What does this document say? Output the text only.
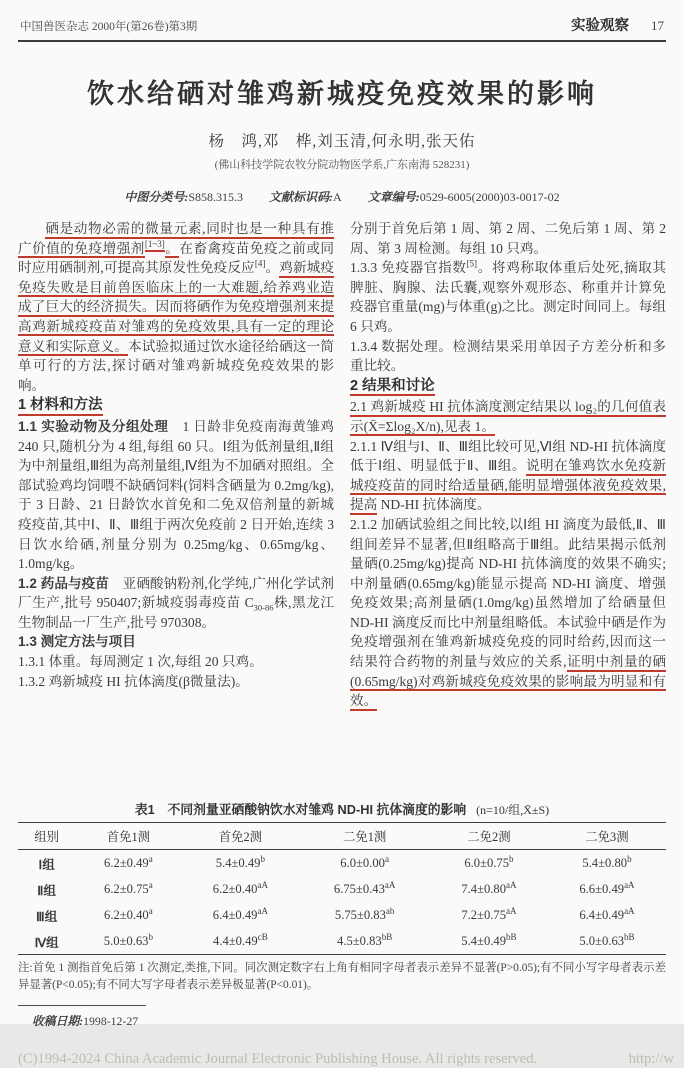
中国兽医杂志 2000年(第26卷)第3期	实验观察 17
饮水给硒对雏鸡新城疫免疫效果的影响
杨　鸿,邓　桦,刘玉清,何永明,张天佑
(佛山科技学院农牧分院动物医学系,广东南海 528231)
中图分类号:S858.315.3 文献标识码:A 文章编号:0529-6005(2000)03-0017-02
硒是动物必需的微量元素,同时也是一种具有推广价值的免疫增强剂[1~3]。在畜禽疫苗免疫之前或同时应用硒制剂,可提高其原发性免疫反应[4]。鸡新城疫免疫失败是目前兽医临床上的一大难题,给养鸡业造成了巨大的经济损失。因而将硒作为免疫增强剂来提高鸡新城疫疫苗对雏鸡的免疫效果,具有一定的理论意义和实际意义。本试验拟通过饮水途径给硒这一简单可行的方法,探讨硒对雏鸡新城疫免疫效果的影响。
1 材料和方法
1.1 实验动物及分组处理　1 日龄非免疫南海黄雏鸡 240 只,随机分为 4 组,每组 60 只。Ⅰ组为低剂量组,Ⅱ组为中剂量组,Ⅲ组为高剂量组,Ⅳ组为不加硒对照组。全部试验鸡均饲喂不缺硒饲料(饲料含硒量为 0.2mg/kg),于 3 日龄、21 日龄饮水首免和二免双倍剂量的新城疫疫苗,其中Ⅰ、Ⅱ、Ⅲ组于两次免疫前 2 日开始,连续 3 日饮水给硒,剂量分别为 0.25mg/kg、0.65mg/kg、1.0mg/kg。
1.2 药品与疫苗　亚硒酸钠粉剂,化学纯,广州化学试剂厂生产,批号 950407;新城疫弱毒疫苗 $C_{30-86}$株,黑龙江生物制品一厂生产,批号 970308。
1.3 测定方法与项目
1.3.1 体重。每周测定 1 次,每组 20 只鸡。
1.3.2 鸡新城疫 HI 抗体滴度(β微量法)。
分别于首免后第 1 周、第 2 周、二免后第 1 周、第 2 周、第 3 周检测。每组 10 只鸡。
1.3.3 免疫器官指数[5]。将鸡称取体重后处死,摘取其脾脏、胸腺、法氏囊,观察外观形态、称重并计算免疫器官重量(mg)与体重(g)之比。测定时间同上。每组 6 只鸡。
1.3.4 数据处理。检测结果采用单因子方差分析和多重比较。
2 结果和讨论
2.1 鸡新城疫 HI 抗体滴度测定结果以 log₂的几何值表示(X̄=Σlog₂X/n),见表 1。
2.1.1 Ⅳ组与Ⅰ、Ⅱ、Ⅲ组比较可见,Ⅵ组 ND-HI 抗体滴度低于Ⅰ组、明显低于Ⅱ、Ⅲ组。说明在雏鸡饮水免疫新城疫疫苗的同时给适量硒,能明显增强体液免疫效果,提高 ND-HI 抗体滴度。
2.1.2 加硒试验组之间比较,以Ⅰ组 HI 滴度为最低,Ⅱ、Ⅲ组间差异不显著,但Ⅱ组略高于Ⅲ组。此结果揭示低剂量硒(0.25mg/kg)提高 ND-HI 抗体滴度的效果不确实;中剂量硒(0.65mg/kg)能显示提高 ND-HI 滴度、增强免疫效果;高剂量硒(1.0mg/kg)虽然增加了给硒量但 ND-HI 滴度反而比中剂量组略低。本试验中硒是作为免疫增强剂在雏鸡新城疫免疫的同时给药,因而这一结果符合药物的剂量与效应的关系,证明中剂量的硒(0.65mg/kg)对鸡新城疫免疫效果的影响最为明显和有效。
表1　 不同剂量亚硒酸钠饮水对雏鸡 ND-HI 抗体滴度的影响 (n=10/组,X̄±S)
组别	首免1测	首免2测	二免1测	二免2测	二免3测
Ⅰ组	6.2±0.49$^a$	5.4±0.49$^b$	6.0±0.00$^a$	6.0±0.75$^b$	5.4±0.80$^b$
Ⅱ组	6.2±0.75$^a$	$6.2\pm 0.40^{aA}$	$6.75\pm 0.43^{aA}$	$7.4\pm 0.80^{aA}$	$6.6\pm 0.49^{aA}$
Ⅲ组	6.2±0.40$^a$	$6.4\pm 0.49^{aA}$	5.75±0.83$^{ab}$	$7.2\pm 0.75^{aA}$	$6.4\pm 0.49^{aA}$
Ⅳ组	5.0±0.63$^b$	$4.4\pm 0.49^{cB}$	$4.5\pm 0.83^{bB}$	$5.4\pm 0.49^{bB}$	$5.0\pm 0.63^{bB}$
注:首免 1 测指首免后第 1 次测定,类推,下同。同次测定数字右上角有相同字母者表示差异不显著(P>0.05);有不同小写字母者表示差异显著(P<0.05);有不同大写字母者表示差异极显著(P<0.01)。
收稿日期:1998-12-27
(C)1994-2024 China Academic Journal Electronic Publishing House. All rights reserved.	http://w
